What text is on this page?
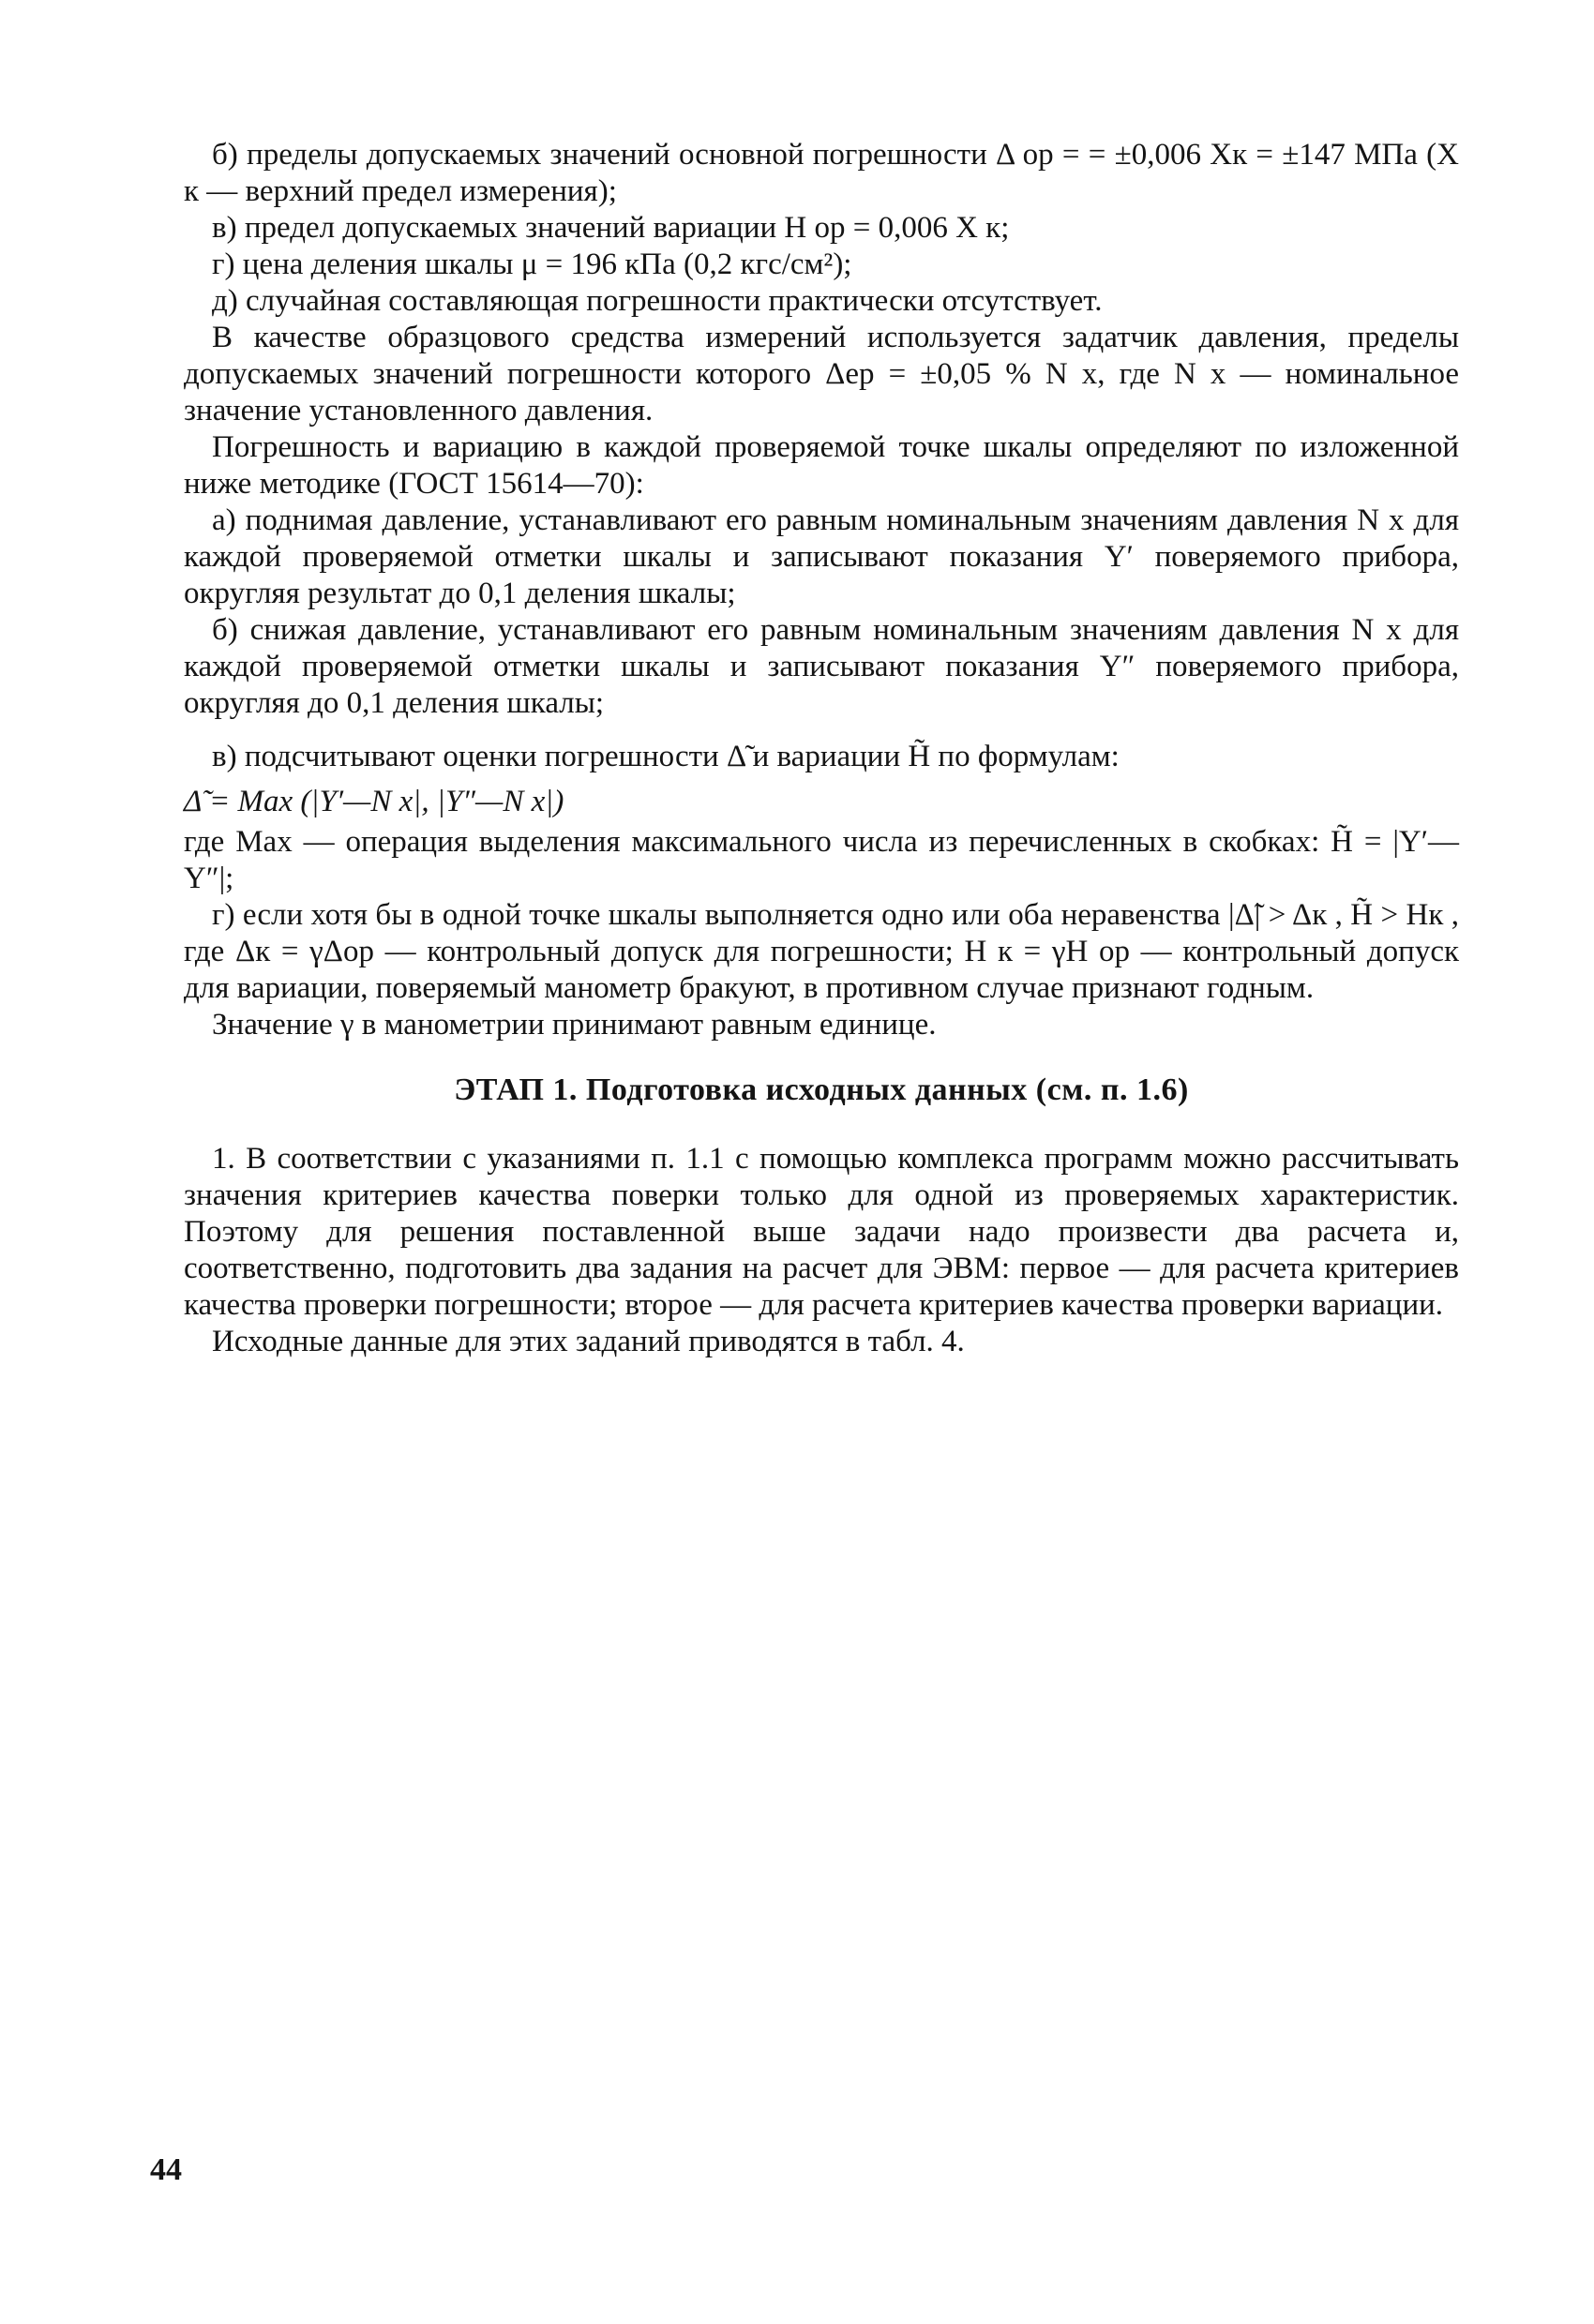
б) пределы допускаемых значений основной погрешности Δ ор = = ±0,006 Xк = ±147 МПа (X к — верхний предел измерения);

в) предел допускаемых значений вариации H ор = 0,006 X к;

г) цена деления шкалы μ = 196 кПа (0,2 кгс/см²);

д) случайная составляющая погрешности практически отсутствует.

В качестве образцового средства измерений используется задатчик давления, пределы допускаемых значений погрешности которого Δер = ±0,05 % N x, где N x — номинальное значение установленного давления.

Погрешность и вариацию в каждой проверяемой точке шкалы определяют по изложенной ниже методике (ГОСТ 15614—70):

а) поднимая давление, устанавливают его равным номинальным значениям давления N x для каждой проверяемой отметки шкалы и записывают показания Y′ поверяемого прибора, округляя результат до 0,1 деления шкалы;

б) снижая давление, устанавливают его равным номинальным значениям давления N x для каждой проверяемой отметки шкалы и записывают показания Y″ поверяемого прибора, округляя до 0,1 деления шкалы;

в) подсчитывают оценки погрешности Δ̃ и вариации H̃ по формулам:

Δ̃ = Max (|Y′—N x|, |Y″—N x|)

где Max — операция выделения максимального числа из перечисленных в скобках: H̃ = |Y′—Y″|;

г) если хотя бы в одной точке шкалы выполняется одно или оба неравенства |Δ̃| > Δк , H̃ > Hк , где Δк = γΔор — контрольный допуск для погрешности; H к = γH ор — контрольный допуск для вариации, поверяемый манометр бракуют, в противном случае признают годным.

Значение γ в манометрии принимают равным единице.

ЭТАП 1. Подготовка исходных данных (см. п. 1.6)

1. В соответствии с указаниями п. 1.1 с помощью комплекса программ можно рассчитывать значения критериев качества поверки только для одной из проверяемых характеристик. Поэтому для решения поставленной выше задачи надо произвести два расчета и, соответственно, подготовить два задания на расчет для ЭВМ: первое — для расчета критериев качества проверки погрешности; второе — для расчета критериев качества проверки вариации.

Исходные данные для этих заданий приводятся в табл. 4.

44
